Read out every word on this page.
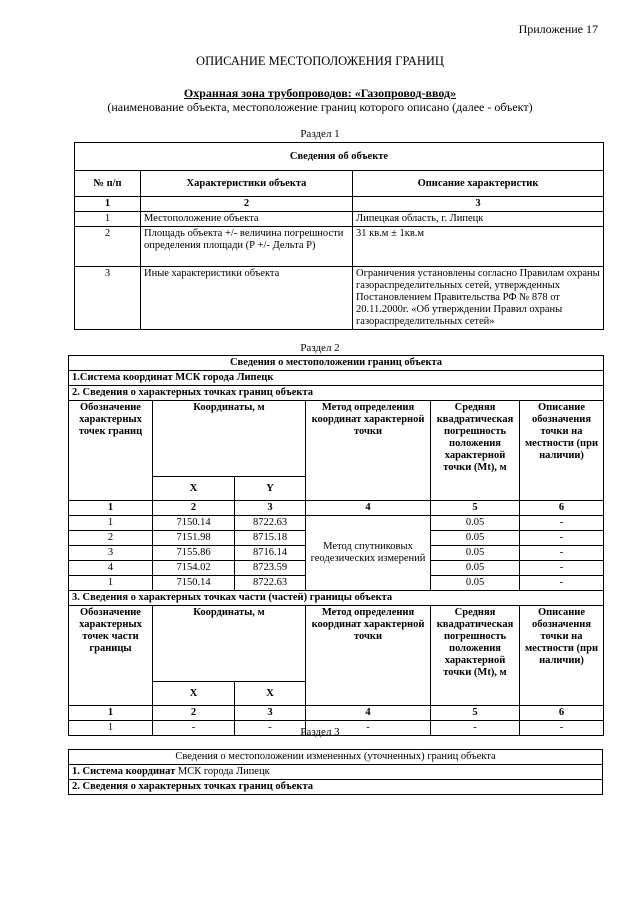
Приложение 17
ОПИСАНИЕ МЕСТОПОЛОЖЕНИЯ ГРАНИЦ
Охранная зона трубопроводов: «Газопровод-ввод»
(наименование объекта, местоположение границ которого описано (далее - объект)
Раздел 1
Сведения об объекте		
№ п/п	Характеристики объекта	Описание характеристик
1	2	3
1	Местоположение объекта	Липецкая область, г. Липецк
2	Площадь объекта +/- величина погрешности определения площади (Р +/- Дельта Р)	31 кв.м ± 1кв.м
3	Иные характеристики объекта	Ограничения установлены согласно Правилам охраны газораспределительных сетей, утвержденных Постановлением Правительства РФ № 878 от 20.11.2000г. «Об утверждении Правил охраны газораспределительных сетей»
Раздел 2
Сведения о местоположении границ объекта					
1.Система координат МСК города Липецк					
2. Сведения о характерных точках границ объекта					
Обозначение характерных точек границ	Координаты, м		Метод определения координат характерной точки	Средняя квадратическая погрешность положения характерной точки (Mt), м	Описание обозначения точки на местности (при наличии)
	X	Y			
1	2	3	4	5	6
1	7150.14	8722.63	Метод спутниковых геодезических измерений	0.05	-
2	7151.98	8715.18		0.05	-
3	7155.86	8716.14		0.05	-
4	7154.02	8723.59		0.05	-
1	7150.14	8722.63		0.05	-
3. Сведения о характерных точках части (частей) границы объекта					
Обозначение характерных точек части границы	Координаты, м		Метод определения координат характерной точки	Средняя квадратическая погрешность положения характерной точки (Mt), м	Описание обозначения точки на местности (при наличии)
	X	X			
1	2	3	4	5	6
1	-	-	-	-	-
Раздел 3
Сведения о местоположении измененных (уточненных) границ объекта
1. Система координат МСК города Липецк
2. Сведения о характерных точках границ объекта
